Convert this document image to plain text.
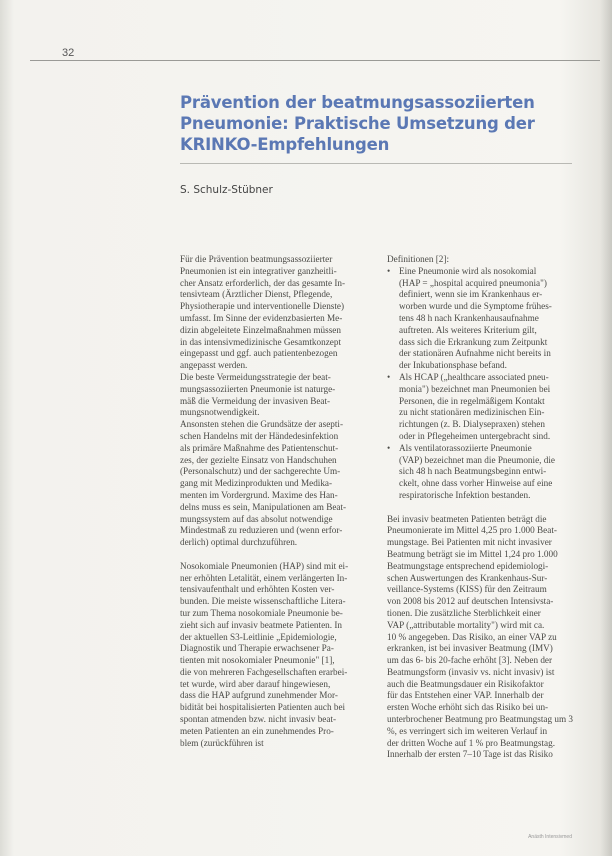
32
Prävention der beatmungsassoziierten
Pneumonie: Praktische Umsetzung der
KRINKO-Empfehlungen
S. Schulz-Stübner
Für die Prävention beatmungsassoziierter
Pneumonien ist ein integrativer ganzheitli-
cher Ansatz erforderlich, der das gesamte In-
tensivteam (Ärztlicher Dienst, Pflegende,
Physiotherapie und interventionelle Dienste)
umfasst. Im Sinne der evidenzbasierten Me-
dizin abgeleitete Einzelmaßnahmen müssen
in das intensivmedizinische Gesamtkonzept
eingepasst und ggf. auch patientenbezogen
angepasst werden.
Die beste Vermeidungsstrategie der beat-
mungsassoziierten Pneumonie ist naturge-
mäß die Vermeidung der invasiven Beat-
mungsnotwendigkeit.
Ansonsten stehen die Grundsätze der asepti-
schen Handelns mit der Händedesinfektion
als primäre Maßnahme des Patientenschut-
zes, der gezielte Einsatz von Handschuhen
(Personalschutz) und der sachgerechte Um-
gang mit Medizinprodukten und Medika-
menten im Vordergrund. Maxime des Han-
delns muss es sein, Manipulationen am Beat-
mungssystem auf das absolut notwendige
Mindestmaß zu reduzieren und (wenn erfor-
derlich) optimal durchzuführen.
Nosokomiale Pneumonien (HAP) sind mit ei-
ner erhöhten Letalität, einem verlängerten In-
tensivaufenthalt und erhöhten Kosten ver-
bunden. Die meiste wissenschaftliche Litera-
tur zum Thema nosokomiale Pneumonie be-
zieht sich auf invasiv beatmete Patienten. In
der aktuellen S3-Leitlinie „Epidemiologie,
Diagnostik und Therapie erwachsener Pa-
tienten mit nosokomialer Pneumonie" [1],
die von mehreren Fachgesellschaften erarbei-
tet wurde, wird aber darauf hingewiesen,
dass die HAP aufgrund zunehmender Mor-
bidität bei hospitalisierten Patienten auch bei
spontan atmenden bzw. nicht invasiv beat-
meten Patienten an ein zunehmendes Pro-
blem (zurückführen ist
Definitionen [2]:
• Eine Pneumonie wird als nosokomial
(HAP = „hospital acquired pneumonia")
definiert, wenn sie im Krankenhaus er-
worben wurde und die Symptome frühes-
tens 48 h nach Krankenhausaufnahme
auftreten. Als weiteres Kriterium gilt,
dass sich die Erkrankung zum Zeitpunkt
der stationären Aufnahme nicht bereits in
der Inkubationsphase befand.
• Als HCAP („healthcare associated pneu-
monia") bezeichnet man Pneumonien bei
Personen, die in regelmäßigem Kontakt
zu nicht stationären medizinischen Ein-
richtungen (z. B. Dialysepraxen) stehen
oder in Pflegeheimen untergebracht sind.
• Als ventilatorassoziierte Pneumonie
(VAP) bezeichnet man die Pneumonie, die
sich 48 h nach Beatmungsbeginn entwi-
ckelt, ohne dass vorher Hinweise auf eine
respiratorische Infektion bestanden.
Bei invasiv beatmeten Patienten beträgt die
Pneumonierate im Mittel 4,25 pro 1.000 Beat-
mungstage. Bei Patienten mit nicht invasiver
Beatmung beträgt sie im Mittel 1,24 pro 1.000
Beatmungstage entsprechend epidemiologi-
schen Auswertungen des Krankenhaus-Sur-
veillance-Systems (KISS) für den Zeitraum
von 2008 bis 2012 auf deutschen Intensivsta-
tionen. Die zusätzliche Sterblichkeit einer
VAP („attributable mortality") wird mit ca.
10 % angegeben. Das Risiko, an einer VAP zu
erkranken, ist bei invasiver Beatmung (IMV)
um das 6- bis 20-fache erhöht [3]. Neben der
Beatmungsform (invasiv vs. nicht invasiv) ist
auch die Beatmungsdauer ein Risikofaktor
für das Entstehen einer VAP. Innerhalb der
ersten Woche erhöht sich das Risiko bei un-
unterbrochener Beatmung pro Beatmungstag um 3
%, es verringert sich im weiteren Verlauf in
der dritten Woche auf 1 % pro Beatmungstag.
Innerhalb der ersten 7–10 Tage ist das Risiko
Anästh Intensivmed
